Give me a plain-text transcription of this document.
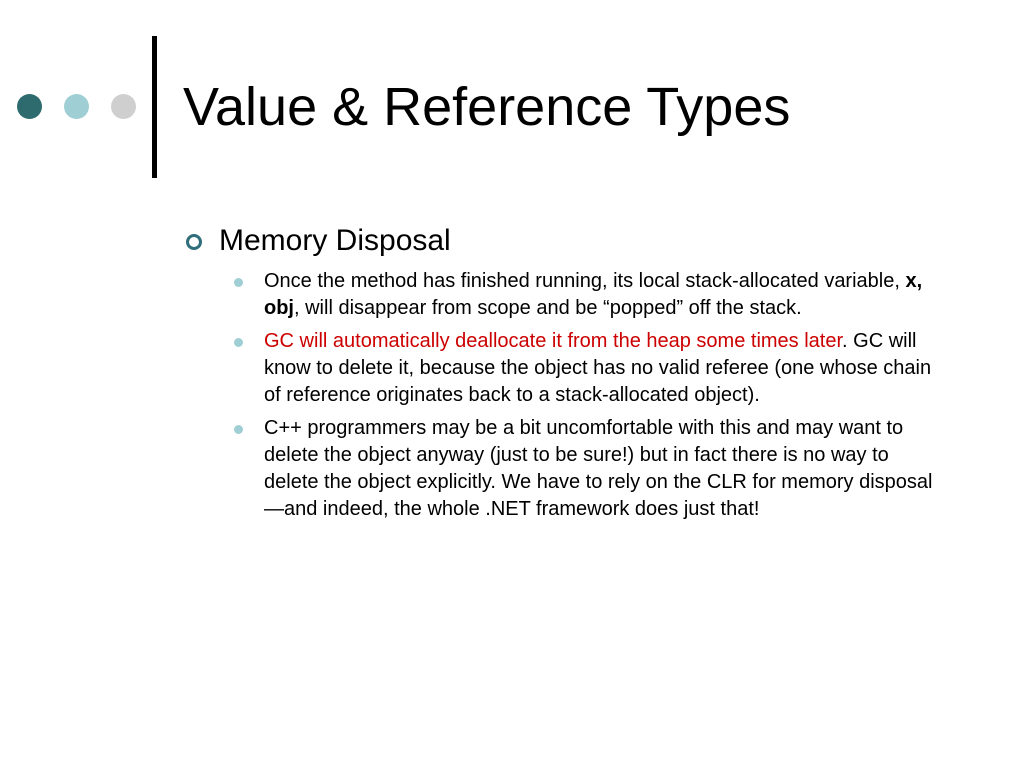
Value & Reference Types
Memory Disposal
Once the method has finished running, its local stack-allocated variable, x, obj, will disappear from scope and be “popped” off the stack.
GC will automatically deallocate it from the heap some times later. GC will know to delete it, because the object has no valid referee (one whose chain of reference originates back to a stack-allocated object).
C++ programmers may be a bit uncomfortable with this and may want to delete the object anyway (just to be sure!) but in fact there is no way to delete the object explicitly. We have to rely on the CLR for memory disposal—and indeed, the whole .NET framework does just that!
